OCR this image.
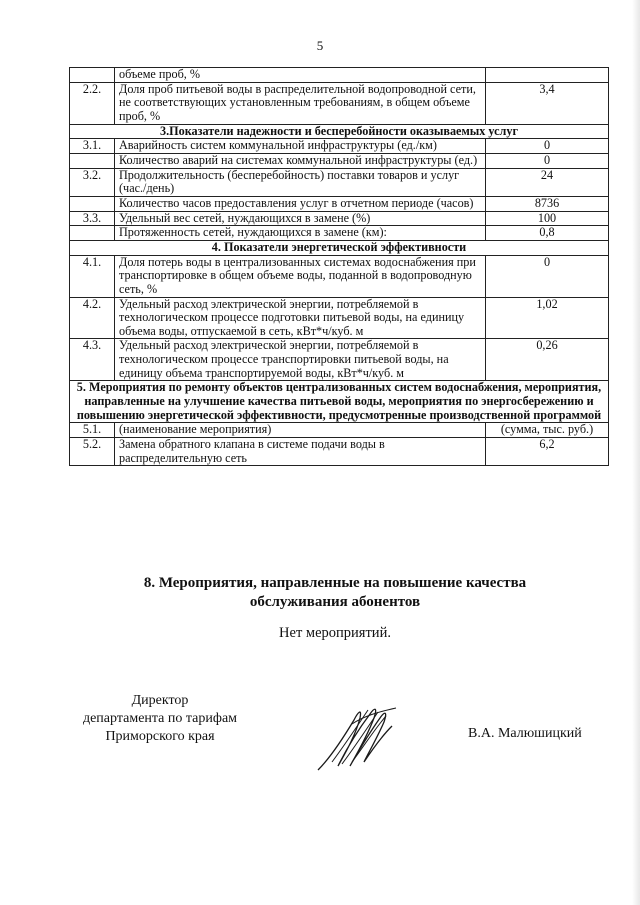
5
	объеме проб, %	
2.2.	Доля проб питьевой воды в распределительной водопроводной сети, не соответствующих установленным требованиям, в общем объеме проб, %	3,4
3.Показатели надежности и бесперебойности оказываемых услуг		
3.1.	Аварийность систем коммунальной инфраструктуры (ед./км)	0
	Количество аварий на системах коммунальной инфраструктуры (ед.)	0
3.2.	Продолжительность (бесперебойность) поставки товаров и услуг (час./день)	24
	Количество часов предоставления услуг в отчетном периоде (часов)	8736
3.3.	Удельный вес сетей, нуждающихся в замене (%)	100
	Протяженность сетей, нуждающихся в замене (км):	0,8
4. Показатели энергетической эффективности		
4.1.	Доля потерь воды в централизованных системах водоснабжения при транспортировке в общем объеме воды, поданной в водопроводную сеть, %	0
4.2.	Удельный расход электрической энергии, потребляемой в технологическом процессе подготовки питьевой воды, на единицу объема воды, отпускаемой в сеть, кВт*ч/куб. м	1,02
4.3.	Удельный расход электрической энергии, потребляемой в технологическом процессе транспортировки питьевой воды, на единицу объема транспортируемой воды, кВт*ч/куб. м	0,26
5. Мероприятия по ремонту объектов централизованных систем водоснабжения, мероприятия, направленные на улучшение качества питьевой воды, мероприятия по энергосбережению и повышению энергетической эффективности, предусмотренные производственной программой		
5.1.	(наименование мероприятия)	(сумма, тыс. руб.)
5.2.	Замена обратного клапана в системе подачи воды в распределительную сеть	6,2
8. Мероприятия, направленные на повышение качества
обслуживания абонентов
Нет мероприятий.
Директор
департамента по тарифам
Приморского края	В.А. Малюшицкий
